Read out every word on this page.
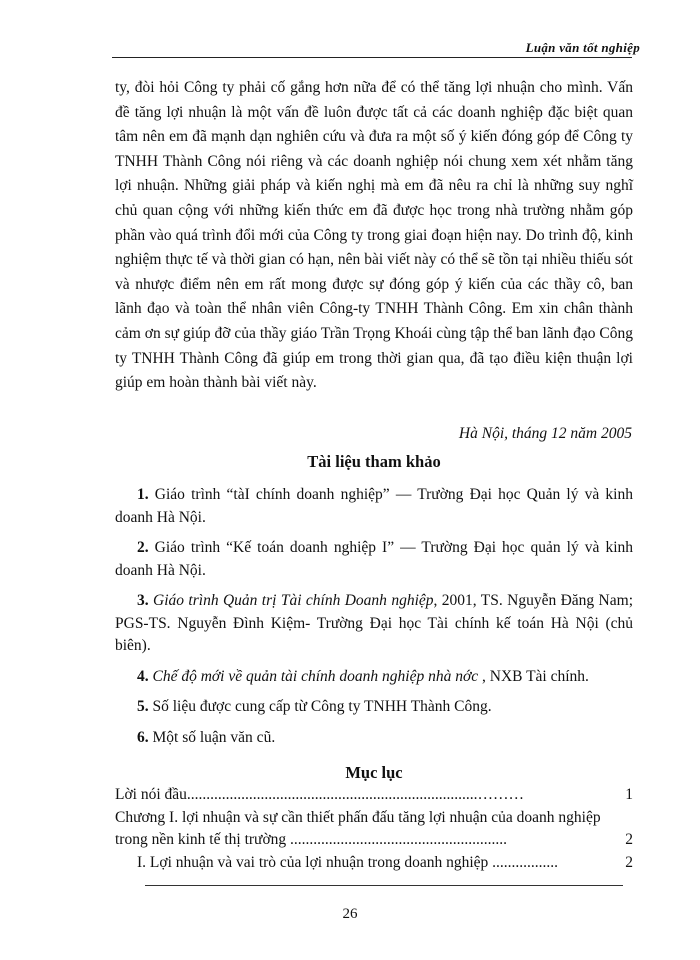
Luận văn tốt nghiệp

ty, đòi hỏi Công ty phải cố gắng hơn nữa để có thể tăng lợi nhuận cho mình. Vấn đề tăng lợi nhuận là một vấn đề luôn được tất cả các doanh nghiệp đặc biệt quan tâm nên em đã mạnh dạn nghiên cứu và đưa ra một số ý kiến đóng góp để Công ty TNHH Thành Công nói riêng và các doanh nghiệp nói chung xem xét nhằm tăng lợi nhuận. Những giải pháp và kiến nghị mà em đã nêu ra chỉ là những suy nghĩ chủ quan cộng với những kiến thức em đã được học trong nhà trường nhằm góp phần vào quá trình đổi mới của Công ty trong giai đoạn hiện nay. Do trình độ, kinh nghiệm thực tế và thời gian có hạn, nên bài viết này có thể sẽ tồn tại nhiều thiếu sót và nhược điểm nên em rất mong được sự đóng góp ý kiến của các thầy cô, ban lãnh đạo và toàn thể nhân viên Công-ty TNHH Thành Công. Em xin chân thành cảm ơn sự giúp đỡ của thầy giáo Trần Trọng Khoái cùng tập thể ban lãnh đạo Công ty TNHH Thành Công đã giúp em trong thời gian qua, đã tạo điều kiện thuận lợi giúp em hoàn thành bài viết này.

Hà Nội, tháng 12 năm 2005
Tài liệu tham khảo
1. Giáo trình “tàI chính doanh nghiệp” — Trường Đại học Quản lý và kinh doanh Hà Nội.
2. Giáo trình “Kế toán doanh nghiệp I” — Trường Đại học quản lý và kinh doanh Hà Nội.
3. Giáo trình Quản trị Tài chính Doanh nghiệp, 2001, TS. Nguyễn Đăng Nam; PGS-TS. Nguyễn Đình Kiệm- Trường Đại học Tài chính kế toán Hà Nội (chủ biên).
4. Chế độ mới về quản tài chính doanh nghiệp nhà nớc , NXB Tài chính.
5. Số liệu được cung cấp từ Công ty TNHH Thành Công.
6. Một số luận văn cũ.
Mục lục
Lời nói đầu...........................................................................………	1
Chương I. lợi nhuận và sự cần thiết phấn đấu tăng lợi nhuận của doanh nghiệp trong nền kinh tế thị trường ........................................................	2
I. Lợi nhuận và vai trò của lợi nhuận trong doanh nghiệp .................	2
26
